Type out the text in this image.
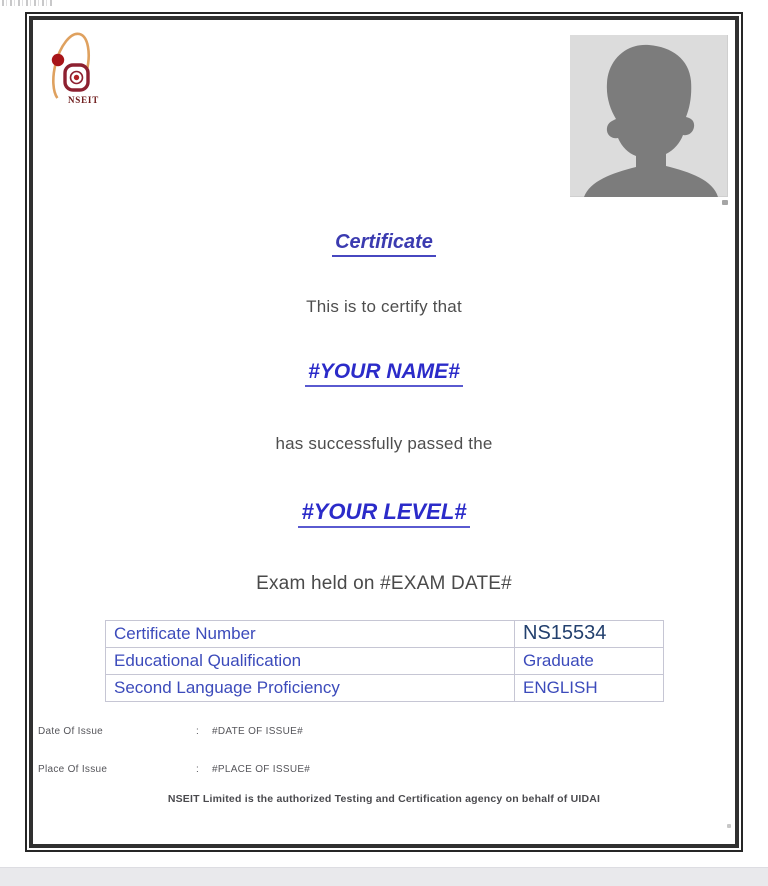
NSEIT
Certificate
This is to certify that
#YOUR NAME#
has successfully passed the
#YOUR LEVEL#
Exam held on #EXAM DATE#
Certificate Number	NS15534
Educational Qualification	Graduate
Second Language Proficiency	ENGLISH
Date Of Issue	: #DATE OF ISSUE#
Place Of Issue	: #PLACE OF ISSUE#
NSEIT Limited is the authorized Testing and Certification agency on behalf of UIDAI
